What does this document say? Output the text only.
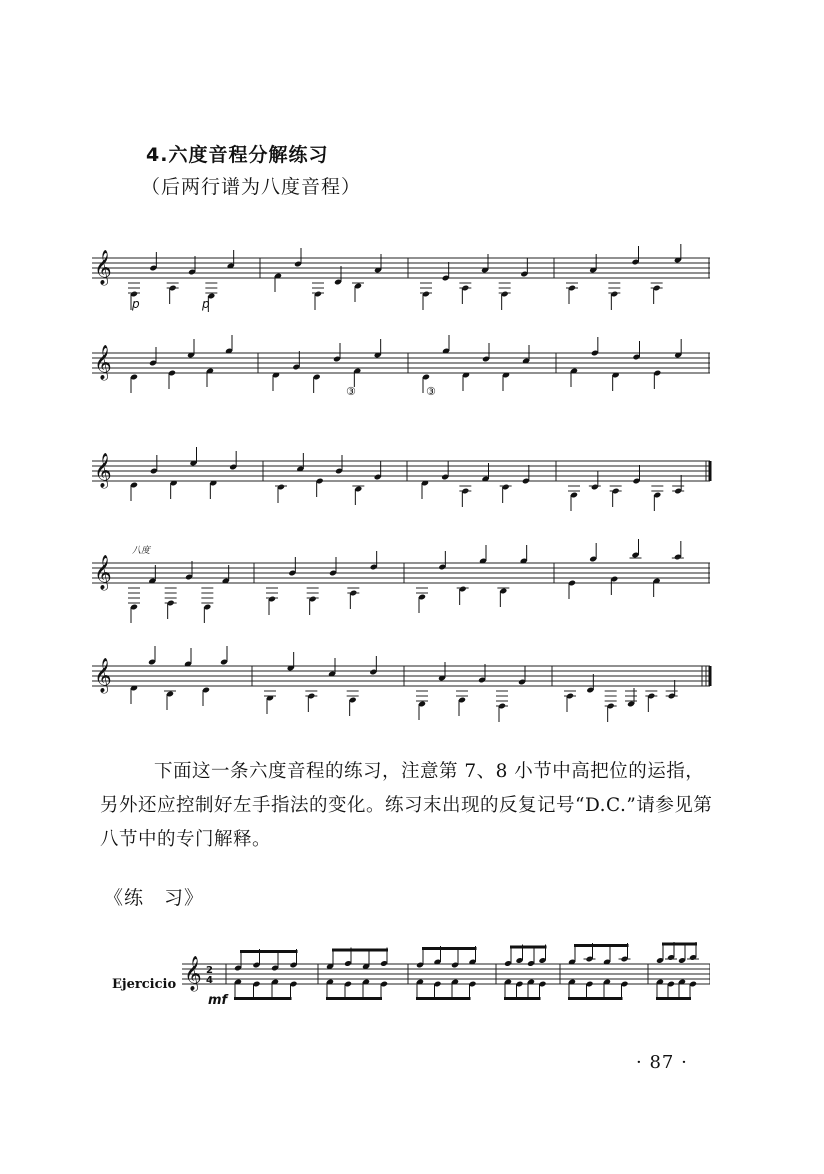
4.六度音程分解练习
（后两行谱为八度音程）
𝄞
p	p
𝄞
③	③
𝄞
𝄞
八度
𝄞

下面这一条六度音程的练习，注意第 7、8 小节中高把位的运指，另外还应控制好左手指法的变化。练习末出现的反复记号“D.C.”请参见第八节中的专门解释。

《练　习》
Ejercicio 𝄞 2
4
mf
· 87 ·
